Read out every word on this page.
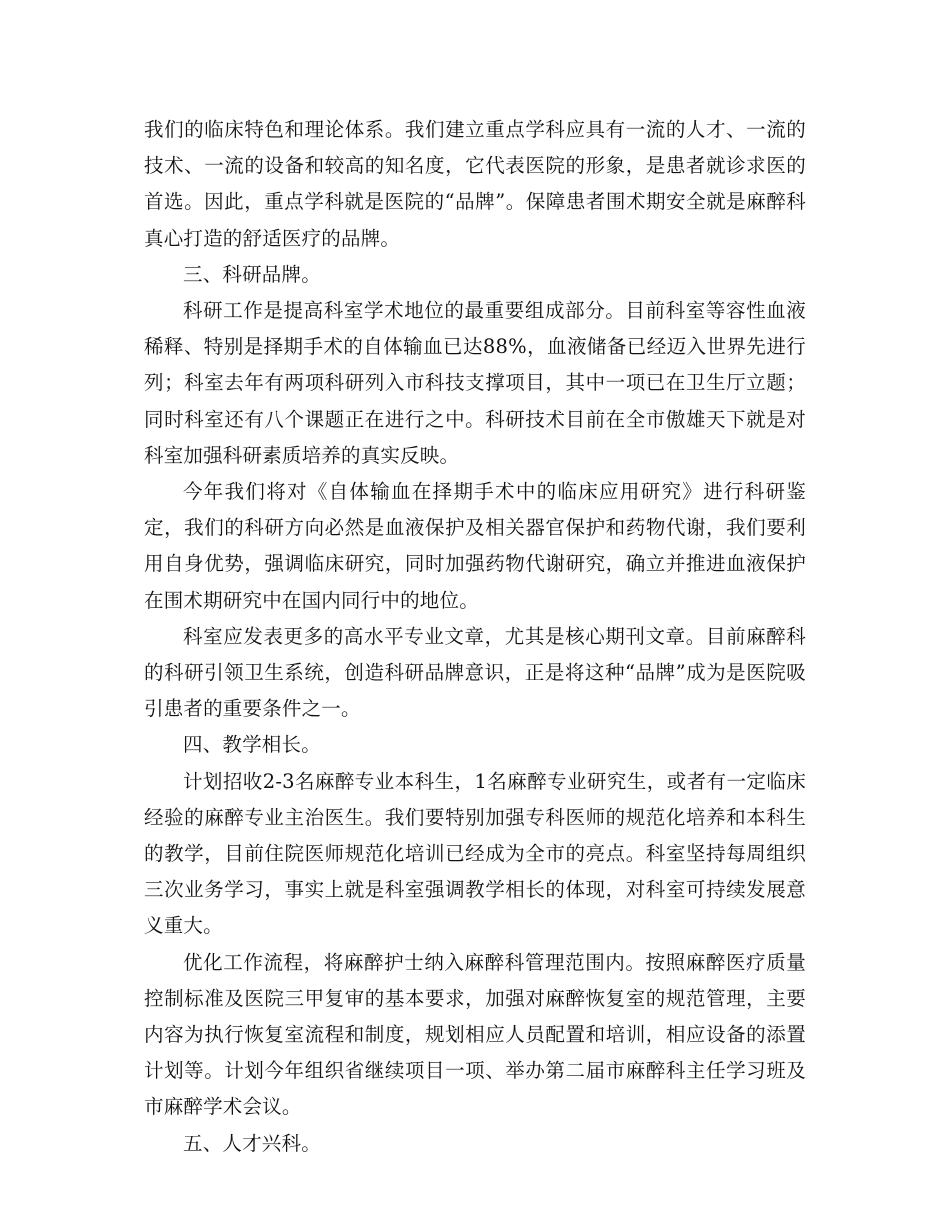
我们的临床特色和理论体系。我们建立重点学科应具有一流的人才、一流的技术、一流的设备和较高的知名度，它代表医院的形象，是患者就诊求医的首选。因此，重点学科就是医院的“品牌”。保障患者围术期安全就是麻醉科真心打造的舒适医疗的品牌。

三、科研品牌。

科研工作是提高科室学术地位的最重要组成部分。目前科室等容性血液稀释、特别是择期手术的自体输血已达88%，血液储备已经迈入世界先进行列；科室去年有两项科研列入市科技支撑项目，其中一项已在卫生厅立题；同时科室还有八个课题正在进行之中。科研技术目前在全市傲雄天下就是对科室加强科研素质培养的真实反映。

今年我们将对《自体输血在择期手术中的临床应用研究》进行科研鉴定，我们的科研方向必然是血液保护及相关器官保护和药物代谢，我们要利用自身优势，强调临床研究，同时加强药物代谢研究，确立并推进血液保护在围术期研究中在国内同行中的地位。

科室应发表更多的高水平专业文章，尤其是核心期刊文章。目前麻醉科的科研引领卫生系统，创造科研品牌意识，正是将这种“品牌”成为是医院吸引患者的重要条件之一。

四、教学相长。

计划招收2-3名麻醉专业本科生，1名麻醉专业研究生，或者有一定临床经验的麻醉专业主治医生。我们要特别加强专科医师的规范化培养和本科生的教学，目前住院医师规范化培训已经成为全市的亮点。科室坚持每周组织三次业务学习，事实上就是科室强调教学相长的体现，对科室可持续发展意义重大。

优化工作流程，将麻醉护士纳入麻醉科管理范围内。按照麻醉医疗质量控制标准及医院三甲复审的基本要求，加强对麻醉恢复室的规范管理，主要内容为执行恢复室流程和制度，规划相应人员配置和培训，相应设备的添置计划等。计划今年组织省继续项目一项、举办第二届市麻醉科主任学习班及市麻醉学术会议。

五、人才兴科。
